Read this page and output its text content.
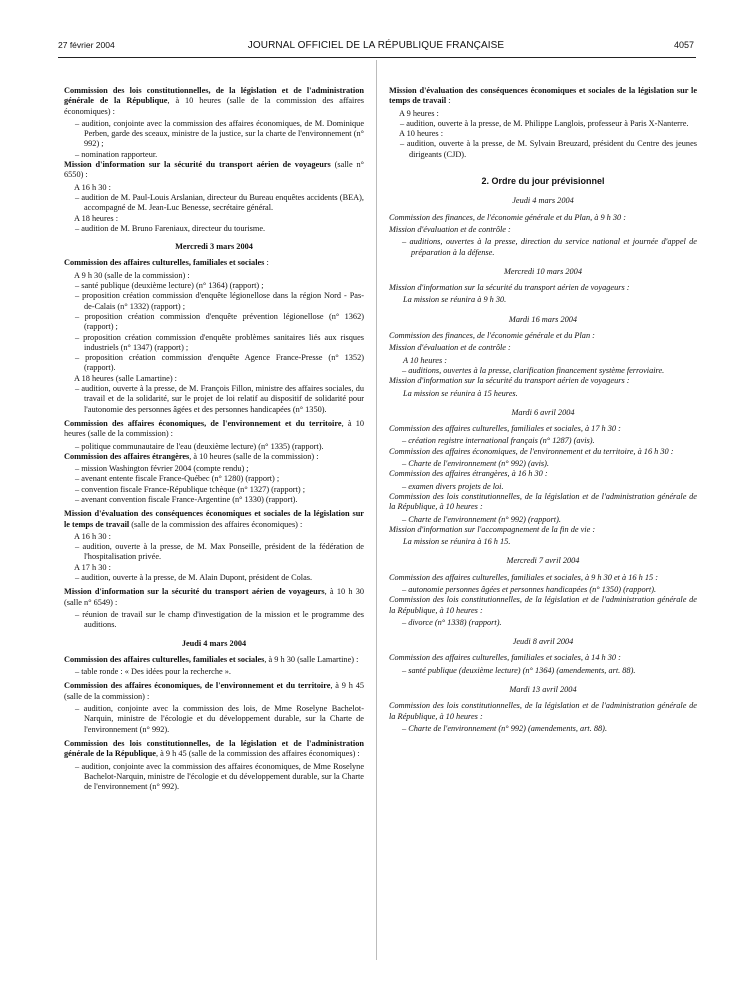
27 février 2004	JOURNAL OFFICIEL DE LA RÉPUBLIQUE FRANÇAISE	4057
Commission des lois constitutionnelles, de la législation et de l'administration générale de la République, à 10 heures (salle de la commission des affaires économiques) :
– audition, conjointe avec la commission des affaires économiques, de M. Dominique Perben, garde des sceaux, ministre de la justice, sur la charte de l'environnement (n° 992) ;
– nomination rapporteur.
Mission d'information sur la sécurité du transport aérien de voyageurs (salle n° 6550) :
A 16 h 30 :
– audition de M. Paul-Louis Arslanian, directeur du Bureau enquêtes accidents (BEA), accompagné de M. Jean-Luc Benesse, secrétaire général.
A 18 heures :
– audition de M. Bruno Fareniaux, directeur du tourisme.
Mercredi 3 mars 2004
Commission des affaires culturelles, familiales et sociales :
A 9 h 30 (salle de la commission) :
– santé publique (deuxième lecture) (n° 1364) (rapport) ;
– proposition création commission d'enquête légionellose dans la région Nord - Pas-de-Calais (n° 1332) (rapport) ;
– proposition création commission d'enquête prévention légionellose (n° 1362) (rapport) ;
– proposition création commission d'enquête problèmes sanitaires liés aux risques industriels (n° 1347) (rapport) ;
– proposition création commission d'enquête Agence France-Presse (n° 1352) (rapport).
A 18 heures (salle Lamartine) :
– audition, ouverte à la presse, de M. François Fillon, ministre des affaires sociales, du travail et de la solidarité, sur le projet de loi relatif au dispositif de solidarité pour l'autonomie des personnes âgées et des personnes handicapées (n° 1350).
Commission des affaires économiques, de l'environnement et du territoire, à 10 heures (salle de la commission) :
– politique communautaire de l'eau (deuxième lecture) (n° 1335) (rapport).
Commission des affaires étrangères, à 10 heures (salle de la commission) :
– mission Washington février 2004 (compte rendu) ;
– avenant entente fiscale France-Québec (n° 1280) (rapport) ;
– convention fiscale France-République tchèque (n° 1327) (rapport) ;
– avenant convention fiscale France-Argentine (n° 1330) (rapport).
Mission d'évaluation des conséquences économiques et sociales de la législation sur le temps de travail (salle de la commission des affaires économiques) :
A 16 h 30 :
– audition, ouverte à la presse, de M. Max Ponseille, président de la fédération de l'hospitalisation privée.
A 17 h 30 :
– audition, ouverte à la presse, de M. Alain Dupont, président de Colas.
Mission d'information sur la sécurité du transport aérien de voyageurs, à 10 h 30 (salle n° 6549) :
– réunion de travail sur le champ d'investigation de la mission et le programme des auditions.
Jeudi 4 mars 2004
Commission des affaires culturelles, familiales et sociales, à 9 h 30 (salle Lamartine) :
– table ronde : « Des idées pour la recherche ».
Commission des affaires économiques, de l'environnement et du territoire, à 9 h 45 (salle de la commission) :
– audition, conjointe avec la commission des lois, de Mme Roselyne Bachelot-Narquin, ministre de l'écologie et du développement durable, sur la Charte de l'environnement (n° 992).
Commission des lois constitutionnelles, de la législation et de l'administration générale de la République, à 9 h 45 (salle de la commission des affaires économiques) :
– audition, conjointe avec la commission des affaires économiques, de Mme Roselyne Bachelot-Narquin, ministre de l'écologie et du développement durable, sur la Charte de l'environnement (n° 992).
Mission d'évaluation des conséquences économiques et sociales de la législation sur le temps de travail :
A 9 heures :
– audition, ouverte à la presse, de M. Philippe Langlois, professeur à Paris X-Nanterre.
A 10 heures :
– audition, ouverte à la presse, de M. Sylvain Breuzard, président du Centre des jeunes dirigeants (CJD).
2. Ordre du jour prévisionnel
Jeudi 4 mars 2004
Commission des finances, de l'économie générale et du Plan, à 9 h 30 :
Mission d'évaluation et de contrôle :
– auditions, ouvertes à la presse, direction du service national et journée d'appel de préparation à la défense.
Mercredi 10 mars 2004
Mission d'information sur la sécurité du transport aérien de voyageurs :
La mission se réunira à 9 h 30.
Mardi 16 mars 2004
Commission des finances, de l'économie générale et du Plan :
Mission d'évaluation et de contrôle :
A 10 heures :
– auditions, ouvertes à la presse, clarification financement système ferroviaire.
Mission d'information sur la sécurité du transport aérien de voyageurs :
La mission se réunira à 15 heures.
Mardi 6 avril 2004
Commission des affaires culturelles, familiales et sociales, à 17 h 30 :
– création registre international français (n° 1287) (avis).
Commission des affaires économiques, de l'environnement et du territoire, à 16 h 30 :
– Charte de l'environnement (n° 992) (avis).
Commission des affaires étrangères, à 16 h 30 :
– examen divers projets de loi.
Commission des lois constitutionnelles, de la législation et de l'administration générale de la République, à 10 heures :
– Charte de l'environnement (n° 992) (rapport).
Mission d'information sur l'accompagnement de la fin de vie :
La mission se réunira à 16 h 15.
Mercredi 7 avril 2004
Commission des affaires culturelles, familiales et sociales, à 9 h 30 et à 16 h 15 :
– autonomie personnes âgées et personnes handicapées (n° 1350) (rapport).
Commission des lois constitutionnelles, de la législation et de l'administration générale de la République, à 10 heures :
– divorce (n° 1338) (rapport).
Jeudi 8 avril 2004
Commission des affaires culturelles, familiales et sociales, à 14 h 30 :
– santé publique (deuxième lecture) (n° 1364) (amendements, art. 88).
Mardi 13 avril 2004
Commission des lois constitutionnelles, de la législation et de l'administration générale de la République, à 10 heures :
– Charte de l'environnement (n° 992) (amendements, art. 88).
